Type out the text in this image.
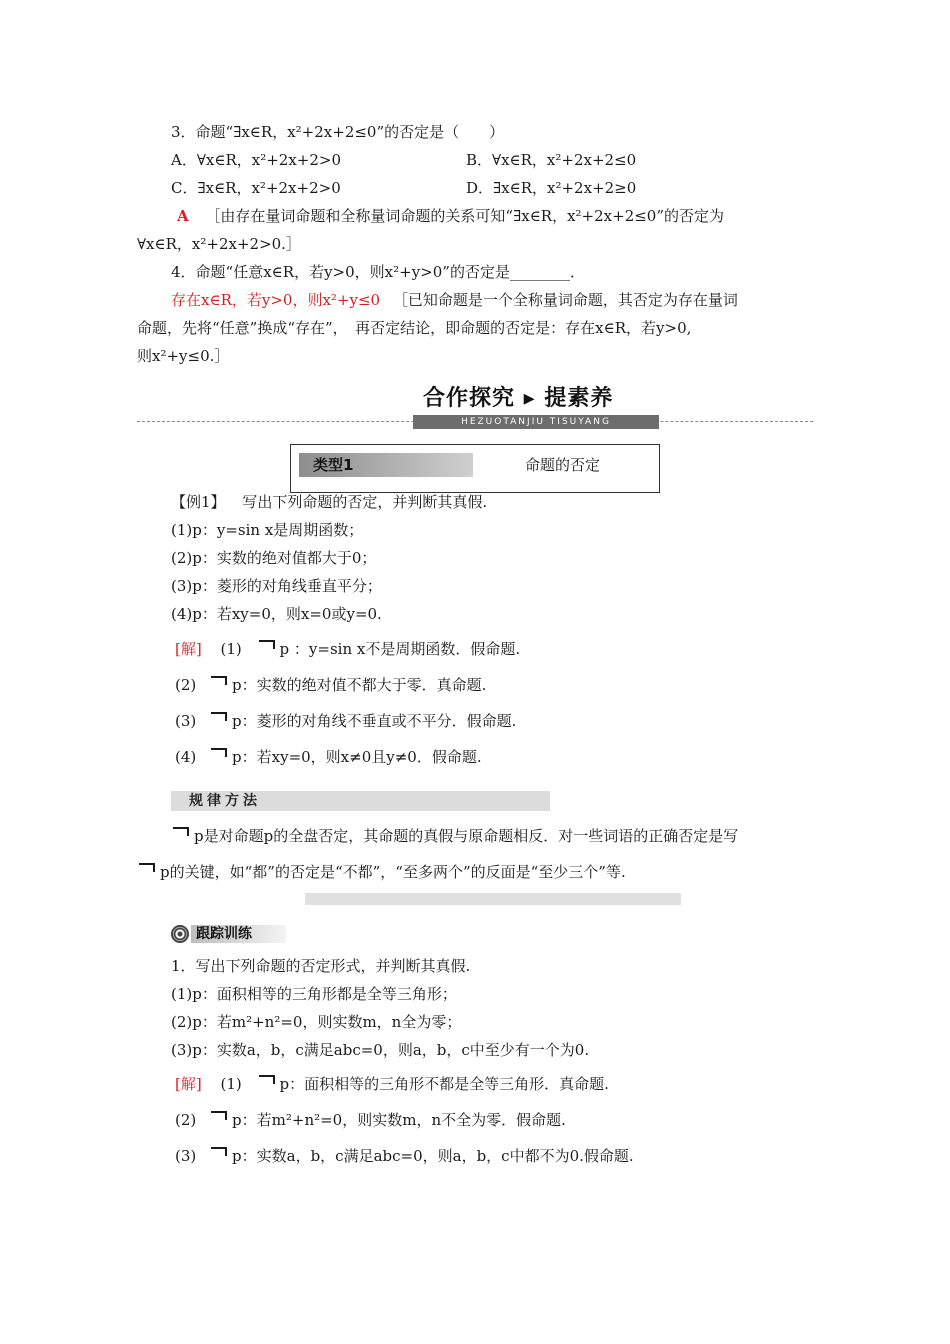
3．命题“∃x∈R，x²+2x+2≤0”的否定是（　　）
A．∀x∈R，x²+2x+2>0	B．∀x∈R，x²+2x+2≤0
C．∃x∈R，x²+2x+2>0	D．∃x∈R，x²+2x+2≥0
A ［由存在量词命题和全称量词命题的关系可知“∃x∈R，x²+2x+2≤0”的否定为
∀x∈R，x²+2x+2>0.］
4．命题“任意x∈R，若y>0，则x²+y>0”的否定是________．
存在x∈R，若y>0，则x²+y≤0 ［已知命题是一个全称量词命题，其否定为存在量词
命题，先将“任意”换成“存在”，　再否定结论，即命题的否定是：存在x∈R，若y>0,
则x²+y≤0.］
合作探究 ▸ 提素养
HEZUOTANJIU TISUYANG
类型1	命题的否定
【例1】 写出下列命题的否定，并判断其真假.
(1)p：y=sin x是周期函数；
(2)p：实数的绝对值都大于0；
(3)p：菱形的对角线垂直平分；
(4)p：若xy=0，则x=0或y=0.
[解] (1)	p ：y=sin x不是周期函数．假命题.
(2) p：实数的绝对值不都大于零．真命题.
(3) p：菱形的对角线不垂直或不平分．假命题.
(4) p：若xy=0，则x≠0且y≠0．假命题.
规律方法
p是对命题p的全盘否定，其命题的真假与原命题相反．对一些词语的正确否定是写
p的关键，如“都”的否定是“不都”，“至多两个”的反面是“至少三个”等.
跟踪训练
1．写出下列命题的否定形式，并判断其真假.
(1)p：面积相等的三角形都是全等三角形；
(2)p：若m²+n²=0，则实数m，n全为零；
(3)p：实数a，b，c满足abc=0，则a，b，c中至少有一个为0.
[解] (1)	p：面积相等的三角形不都是全等三角形．真命题.
(2) p：若m²+n²=0，则实数m，n不全为零．假命题.
(3) p：实数a，b，c满足abc=0，则a，b，c中都不为0.假命题.
